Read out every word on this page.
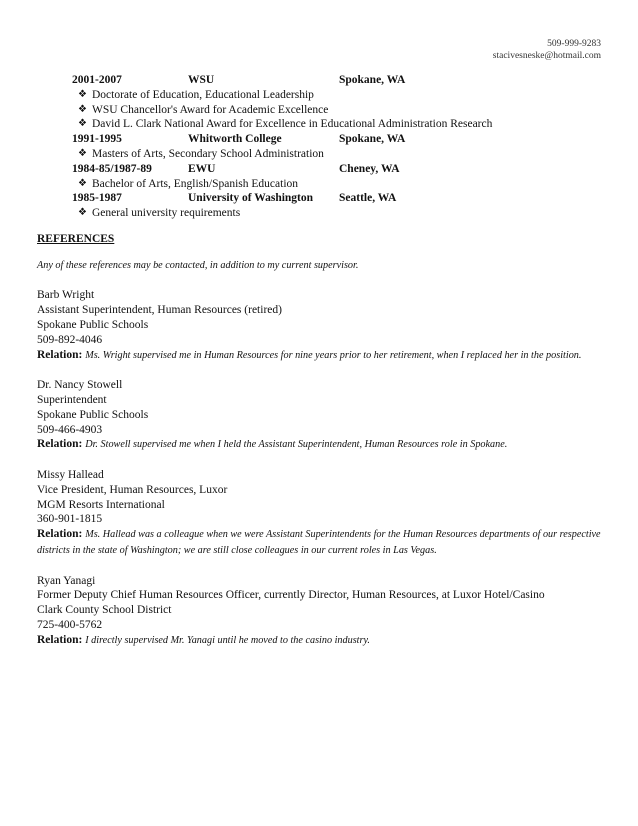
509-999-9283
stacivesneske@hotmail.com
2001-2007	WSU	Spokane, WA
❖ Doctorate of Education, Educational Leadership
❖ WSU Chancellor's Award for Academic Excellence
❖ David L. Clark National Award for Excellence in Educational Administration Research
1991-1995	Whitworth College	Spokane, WA
❖ Masters of Arts, Secondary School Administration
1984-85/1987-89	EWU	Cheney, WA
❖ Bachelor of Arts, English/Spanish Education
1985-1987	University of Washington Seattle, WA
❖ General university requirements
REFERENCES
Any of these references may be contacted, in addition to my current supervisor.
Barb Wright
Assistant Superintendent, Human Resources (retired)
Spokane Public Schools
509-892-4046
Relation: Ms. Wright supervised me in Human Resources for nine years prior to her retirement, when I replaced her in the position.
Dr. Nancy Stowell
Superintendent
Spokane Public Schools
509-466-4903
Relation: Dr. Stowell supervised me when I held the Assistant Superintendent, Human Resources role in Spokane.
Missy Hallead
Vice President, Human Resources, Luxor
MGM Resorts International
360-901-1815
Relation: Ms. Hallead was a colleague when we were Assistant Superintendents for the Human Resources departments of our respective districts in the state of Washington; we are still close colleagues in our current roles in Las Vegas.
Ryan Yanagi
Former Deputy Chief Human Resources Officer, currently Director, Human Resources, at Luxor Hotel/Casino
Clark County School District
725-400-5762
Relation: I directly supervised Mr. Yanagi until he moved to the casino industry.
